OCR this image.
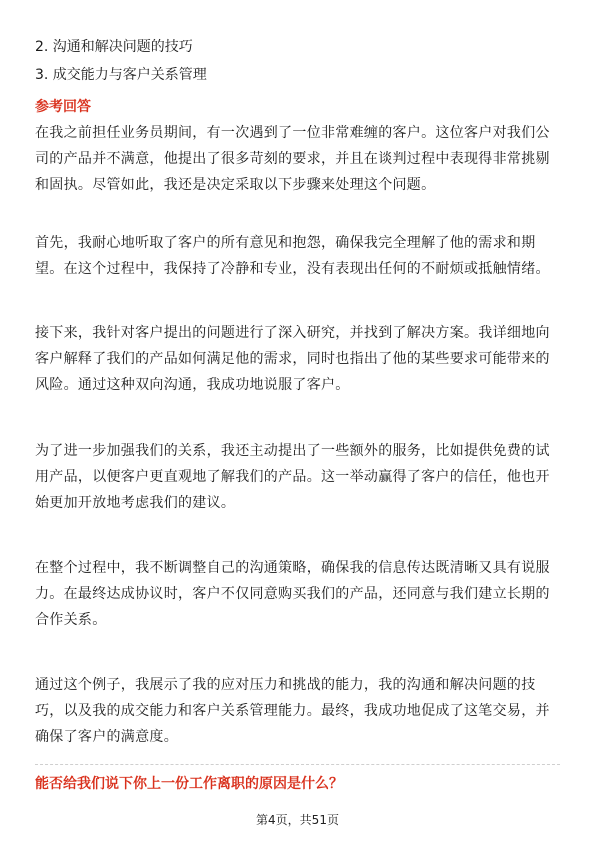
2. 沟通和解决问题的技巧
3. 成交能力与客户关系管理
参考回答
在我之前担任业务员期间，有一次遇到了一位非常难缠的客户。这位客户对我们公
司的产品并不满意，他提出了很多苛刻的要求，并且在谈判过程中表现得非常挑剔
和固执。尽管如此，我还是决定采取以下步骤来处理这个问题。
首先，我耐心地听取了客户的所有意见和抱怨，确保我完全理解了他的需求和期
望。在这个过程中，我保持了冷静和专业，没有表现出任何的不耐烦或抵触情绪。
接下来，我针对客户提出的问题进行了深入研究，并找到了解决方案。我详细地向
客户解释了我们的产品如何满足他的需求，同时也指出了他的某些要求可能带来的
风险。通过这种双向沟通，我成功地说服了客户。
为了进一步加强我们的关系，我还主动提出了一些额外的服务，比如提供免费的试
用产品，以便客户更直观地了解我们的产品。这一举动赢得了客户的信任，他也开
始更加开放地考虑我们的建议。
在整个过程中，我不断调整自己的沟通策略，确保我的信息传达既清晰又具有说服
力。在最终达成协议时，客户不仅同意购买我们的产品，还同意与我们建立长期的
合作关系。
通过这个例子，我展示了我的应对压力和挑战的能力，我的沟通和解决问题的技
巧，以及我的成交能力和客户关系管理能力。最终，我成功地促成了这笔交易，并
确保了客户的满意度。
能否给我们说下你上一份工作离职的原因是什么？
第4页，共51页
